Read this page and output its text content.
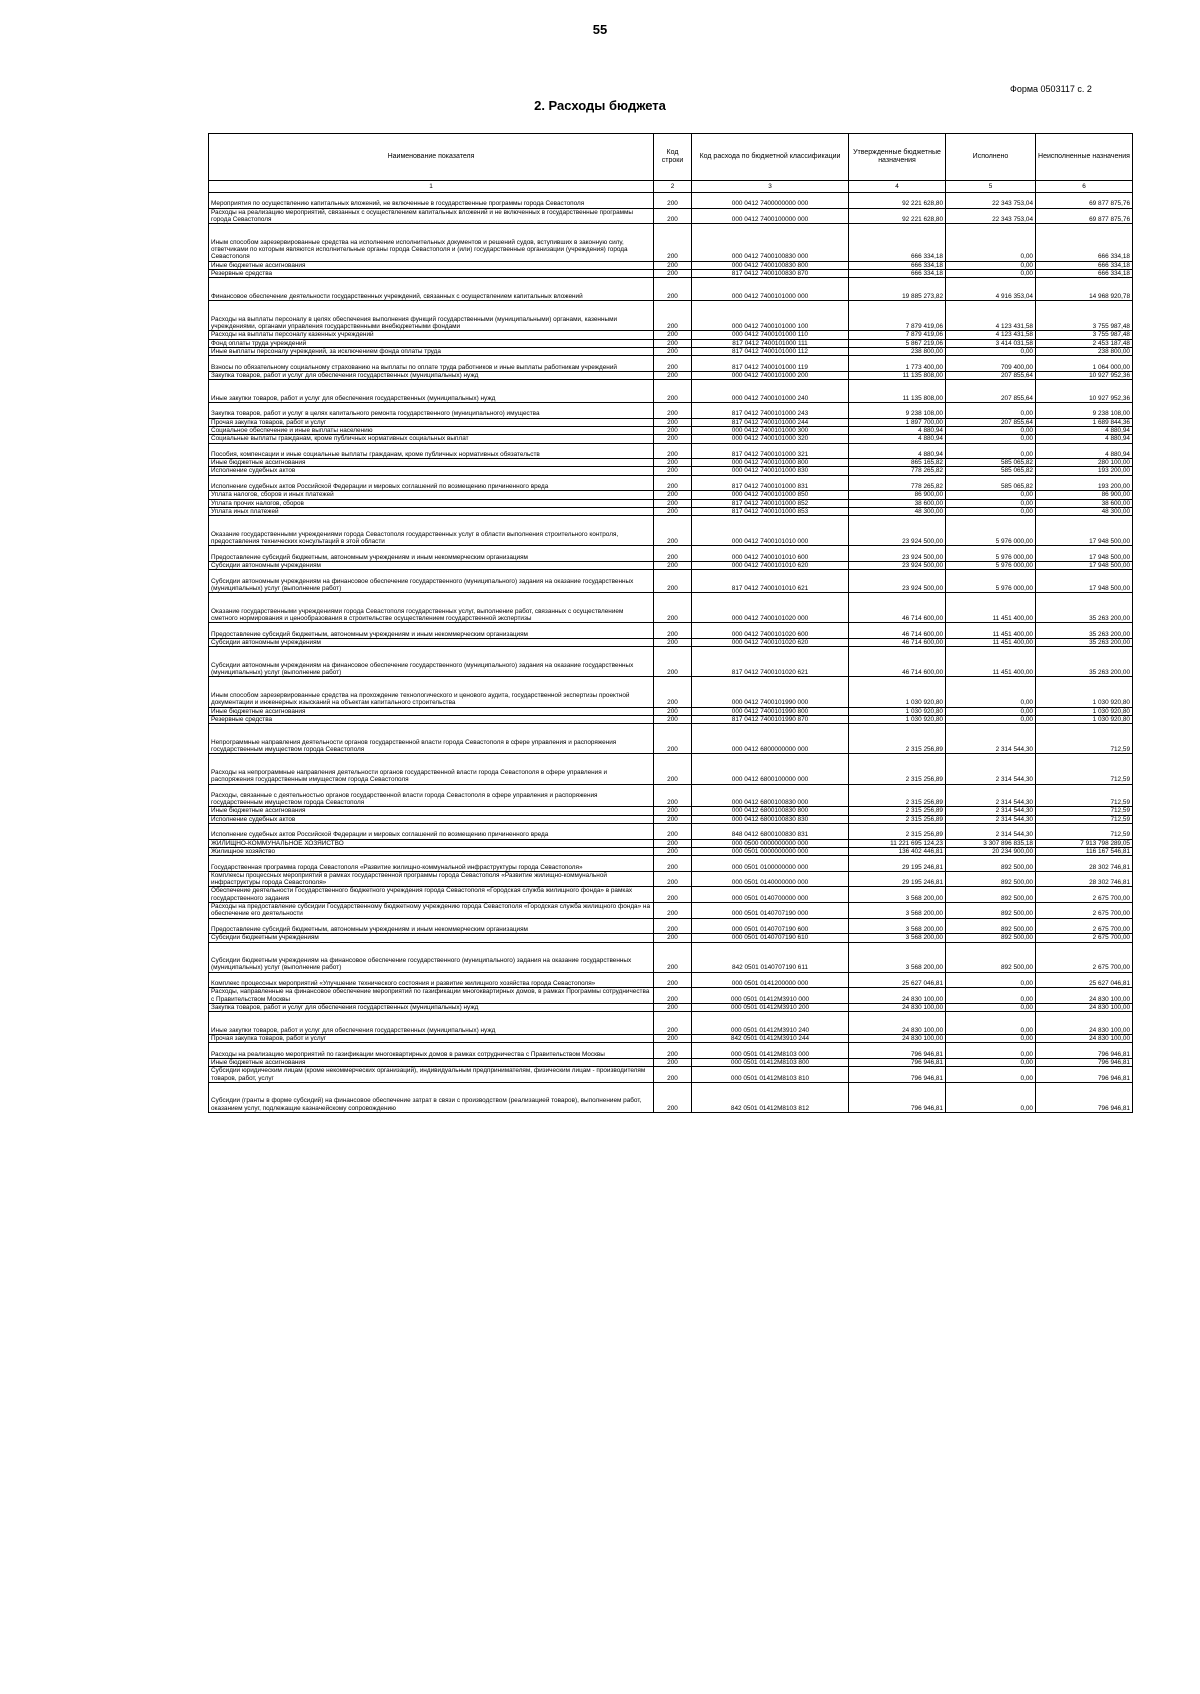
55
Форма 0503117 с. 2
2. Расходы бюджета
Наименование показателя	Код строки	Код расхода по бюджетной классификации	Утвержденные бюджетные назначения	Исполнено	Неисполненные назначения
1	2	3	4	5	6
Мероприятия по осуществлению капитальных вложений, не включенные в государственные программы города Севастополя	200	000 0412 7400000000 000	92 221 628,80	22 343 753,04	69 877 875,76
Расходы на реализацию мероприятий, связанных с осуществлением капитальных вложений и не включенных в государственные программы города Севастополя	200	000 0412 7400100000 000	92 221 628,80	22 343 753,04	69 877 875,76
Иным способом зарезервированные средства на исполнение исполнительных документов и решений судов, вступивших в законную силу, ответчиками по которым являются исполнительные органы города Севастополя и (или) государственные организации (учреждения) города Севастополя	200	000 0412 7400100830 000	666 334,18	0,00	666 334,18
Иные бюджетные ассигнования	200	000 0412 7400100830 800	666 334,18	0,00	666 334,18
Резервные средства	200	817 0412 7400100830 870	666 334,18	0,00	666 334,18
Финансовое обеспечение деятельности государственных учреждений, связанных с осуществлением капитальных вложений	200	000 0412 7400101000 000	19 885 273,82	4 916 353,04	14 968 920,78
Расходы на выплаты персоналу в целях обеспечения выполнения функций государственными (муниципальными) органами, казенными учреждениями, органами управления государственными внебюджетными фондами	200	000 0412 7400101000 100	7 879 419,06	4 123 431,58	3 755 987,48
Расходы на выплаты персоналу казенных учреждений	200	000 0412 7400101000 110	7 879 419,06	4 123 431,58	3 755 987,48
Фонд оплаты труда учреждений	200	817 0412 7400101000 111	5 867 219,06	3 414 031,58	2 453 187,48
Иные выплаты персоналу учреждений, за исключением фонда оплаты труда	200	817 0412 7400101000 112	238 800,00	0,00	238 800,00
Взносы по обязательному социальному страхованию на выплаты по оплате труда работников и иные выплаты работникам учреждений	200	817 0412 7400101000 119	1 773 400,00	709 400,00	1 064 000,00
Закупка товаров, работ и услуг для обеспечения государственных (муниципальных) нужд	200	000 0412 7400101000 200	11 135 808,00	207 855,64	10 927 952,36
Иные закупки товаров, работ и услуг для обеспечения государственных (муниципальных) нужд	200	000 0412 7400101000 240	11 135 808,00	207 855,64	10 927 952,36
Закупка товаров, работ и услуг в целях капитального ремонта государственного (муниципального) имущества	200	817 0412 7400101000 243	9 238 108,00	0,00	9 238 108,00
Прочая закупка товаров, работ и услуг	200	817 0412 7400101000 244	1 897 700,00	207 855,64	1 689 844,36
Социальное обеспечение и иные выплаты населению	200	000 0412 7400101000 300	4 880,94	0,00	4 880,94
Социальные выплаты гражданам, кроме публичных нормативных социальных выплат	200	000 0412 7400101000 320	4 880,94	0,00	4 880,94
Пособия, компенсации и иные социальные выплаты гражданам, кроме публичных нормативных обязательств	200	817 0412 7400101000 321	4 880,94	0,00	4 880,94
Иные бюджетные ассигнования	200	000 0412 7400101000 800	865 165,82	585 065,82	280 100,00
Исполнение судебных актов	200	000 0412 7400101000 830	778 265,82	585 065,82	193 200,00
Исполнение судебных актов Российской Федерации и мировых соглашений по возмещению причиненного вреда	200	817 0412 7400101000 831	778 265,82	585 065,82	193 200,00
Уплата налогов, сборов и иных платежей	200	000 0412 7400101000 850	86 900,00	0,00	86 900,00
Уплата прочих налогов, сборов	200	817 0412 7400101000 852	38 600,00	0,00	38 600,00
Уплата иных платежей	200	817 0412 7400101000 853	48 300,00	0,00	48 300,00
Оказание государственными учреждениями города Севастополя государственных услуг в области выполнения строительного контроля, предоставления технических консультаций в этой области	200	000 0412 7400101010 000	23 924 500,00	5 976 000,00	17 948 500,00
Предоставление субсидий бюджетным, автономным учреждениям и иным некоммерческим организациям	200	000 0412 7400101010 600	23 924 500,00	5 976 000,00	17 948 500,00
Субсидии автономным учреждениям	200	000 0412 7400101010 620	23 924 500,00	5 976 000,00	17 948 500,00
Субсидии автономным учреждениям на финансовое обеспечение государственного (муниципального) задания на оказание государственных (муниципальных) услуг (выполнение работ)	200	817 0412 7400101010 621	23 924 500,00	5 976 000,00	17 948 500,00
Оказание государственными учреждениями города Севастополя государственных услуг, выполнение работ, связанных с осуществлением сметного нормирования и ценообразования в строительстве осуществлением государственной экспертизы	200	000 0412 7400101020 000	46 714 600,00	11 451 400,00	35 263 200,00
Предоставление субсидий бюджетным, автономным учреждениям и иным некоммерческим организациям	200	000 0412 7400101020 600	46 714 600,00	11 451 400,00	35 263 200,00
Субсидии автономным учреждениям	200	000 0412 7400101020 620	46 714 600,00	11 451 400,00	35 263 200,00
Субсидии автономным учреждениям на финансовое обеспечение государственного (муниципального) задания на оказание государственных (муниципальных) услуг (выполнение работ)	200	817 0412 7400101020 621	46 714 600,00	11 451 400,00	35 263 200,00
Иным способом зарезервированные средства на прохождение технологического и ценового аудита, государственной экспертизы проектной документации и инженерных изысканий на объектам капитального строительства	200	000 0412 7400101990 000	1 030 920,80	0,00	1 030 920,80
Иные бюджетные ассигнования	200	000 0412 7400101990 800	1 030 920,80	0,00	1 030 920,80
Резервные средства	200	817 0412 7400101990 870	1 030 920,80	0,00	1 030 920,80
Непрограммные направления деятельности органов государственной власти города Севастополя в сфере управления и распоряжения государственным имуществом города Севастополя	200	000 0412 6800000000 000	2 315 256,89	2 314 544,30	712,59
Расходы на непрограммные направления деятельности органов государственной власти города Севастополя в сфере управления и распоряжения государственным имуществом города Севастополя	200	000 0412 6800100000 000	2 315 256,89	2 314 544,30	712,59
Расходы, связанные с деятельностью органов государственной власти города Севастополя в сфере управления и распоряжения государственным имуществом города Севастополя	200	000 0412 6800100830 000	2 315 256,89	2 314 544,30	712,59
Иные бюджетные ассигнования	200	000 0412 6800100830 800	2 315 256,89	2 314 544,30	712,59
Исполнение судебных актов	200	000 0412 6800100830 830	2 315 256,89	2 314 544,30	712,59
Исполнение судебных актов Российской Федерации и мировых соглашений по возмещению причиненного вреда	200	848 0412 6800100830 831	2 315 256,89	2 314 544,30	712,59
ЖИЛИЩНО-КОММУНАЛЬНОЕ ХОЗЯЙСТВО	200	000 0500 0000000000 000	11 221 695 124,23	3 307 896 835,18	7 913 798 289,05
Жилищное хозяйство	200	000 0501 0000000000 000	136 402 446,81	20 234 900,00	116 167 546,81
Государственная программа города Севастополя «Развитие жилищно-коммунальной инфраструктуры города Севастополя»	200	000 0501 0100000000 000	29 195 246,81	892 500,00	28 302 746,81
Комплексы процессных мероприятий в рамках государственной программы города Севастополя «Развитие жилищно-коммунальной инфраструктуры города Севастополя»	200	000 0501 0140000000 000	29 195 246,81	892 500,00	28 302 746,81
Обеспечение деятельности Государственного бюджетного учреждения города Севастополя «Городская служба жилищного фонда» в рамках государственного задания	200	000 0501 0140700000 000	3 568 200,00	892 500,00	2 675 700,00
Расходы на предоставление субсидии Государственному бюджетному учреждению города Севастополя «Городская служба жилищного фонда» на обеспечение его деятельности	200	000 0501 0140707190 000	3 568 200,00	892 500,00	2 675 700,00
Предоставление субсидий бюджетным, автономным учреждениям и иным некоммерческим организациям	200	000 0501 0140707190 600	3 568 200,00	892 500,00	2 675 700,00
Субсидии бюджетным учреждениям	200	000 0501 0140707190 610	3 568 200,00	892 500,00	2 675 700,00
Субсидии бюджетным учреждениям на финансовое обеспечение государственного (муниципального) задания на оказание государственных (муниципальных) услуг (выполнение работ)	200	842 0501 0140707190 611	3 568 200,00	892 500,00	2 675 700,00
Комплекс процессных мероприятий «Улучшение технического состояния и развитие жилищного хозяйства города Севастополя»	200	000 0501 0141200000 000	25 627 046,81	0,00	25 627 046,81
Расходы, направленные на финансовое обеспечение мероприятий по газификации многоквартирных домов, в рамках Программы сотрудничества с Правительством Москвы	200	000 0501 01412M3910 000	24 830 100,00	0,00	24 830 100,00
Закупка товаров, работ и услуг для обеспечения государственных (муниципальных) нужд	200	000 0501 01412M3910 200	24 830 100,00	0,00	24 830 100,00
Иные закупки товаров, работ и услуг для обеспечения государственных (муниципальных) нужд	200	000 0501 01412M3910 240	24 830 100,00	0,00	24 830 100,00
Прочая закупка товаров, работ и услуг	200	842 0501 01412M3910 244	24 830 100,00	0,00	24 830 100,00
Расходы на реализацию мероприятий по газификации многоквартирных домов в рамках сотрудничества с Правительством Москвы	200	000 0501 01412M8103 000	796 946,81	0,00	796 946,81
Иные бюджетные ассигнования	200	000 0501 01412M8103 800	796 946,81	0,00	796 946,81
Субсидии юридическим лицам (кроме некоммерческих организаций), индивидуальным предпринимателям, физическим лицам - производителям товаров, работ, услуг	200	000 0501 01412M8103 810	796 946,81	0,00	796 946,81
Субсидии (гранты в форме субсидий) на финансовое обеспечение затрат в связи с производством (реализацией товаров), выполнением работ, оказанием услуг, подлежащие казначейскому сопровождению	200	842 0501 01412M8103 812	796 946,81	0,00	796 946,81
